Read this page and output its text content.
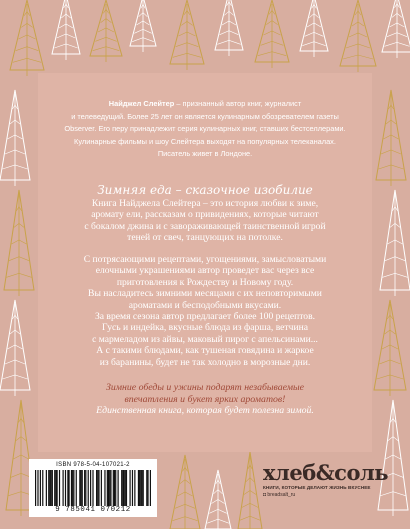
Найджел Слейтер – признанный автор книг, журналист
и телеведущий. Более 25 лет он является кулинарным обозревателем газеты
Observer. Его перу принадлежит серия кулинарных книг, ставших бестселлерами.
Кулинарные фильмы и шоу Слейтера выходят на популярных телеканалах.
Писатель живет в Лондоне.
Зимняя еда – сказочное изобилие
Книга Найджела Слейтера – это история любви к зиме,
аромату ели, рассказам о привидениях, которые читают
с бокалом джина и с завораживающей таинственной игрой
теней от свеч, танцующих на потолке.
С потрясающими рецептами, угощениями, замысловатыми
елочными украшениями автор проведет вас через все
приготовления к Рождеству и Новому году.
Вы насладитесь зимними месяцами с их неповторимыми
ароматами и бесподобными вкусами.
За время сезона автор предлагает более 100 рецептов.
Гусь и индейка, вкусные блюда из фарша, ветчина
с мармеладом из айвы, маковый пирог с апельсинами...
А с такими блюдами, как тушеная говядина и жаркое
из баранины, будет не так холодно в морозные дни.
Зимние обеды и ужины подарят незабываемые
впечатления и букет ярких ароматов!
Единственная книга, которая будет полезна зимой.
ISBN 978-5-04-107021-2
9 785041 070212
хлеб&соль
КНИГИ, КОТОРЫЕ ДЕЛАЮТ ЖИЗНЬ ВКУСНЕЕ
◘ breadsalt_ru
